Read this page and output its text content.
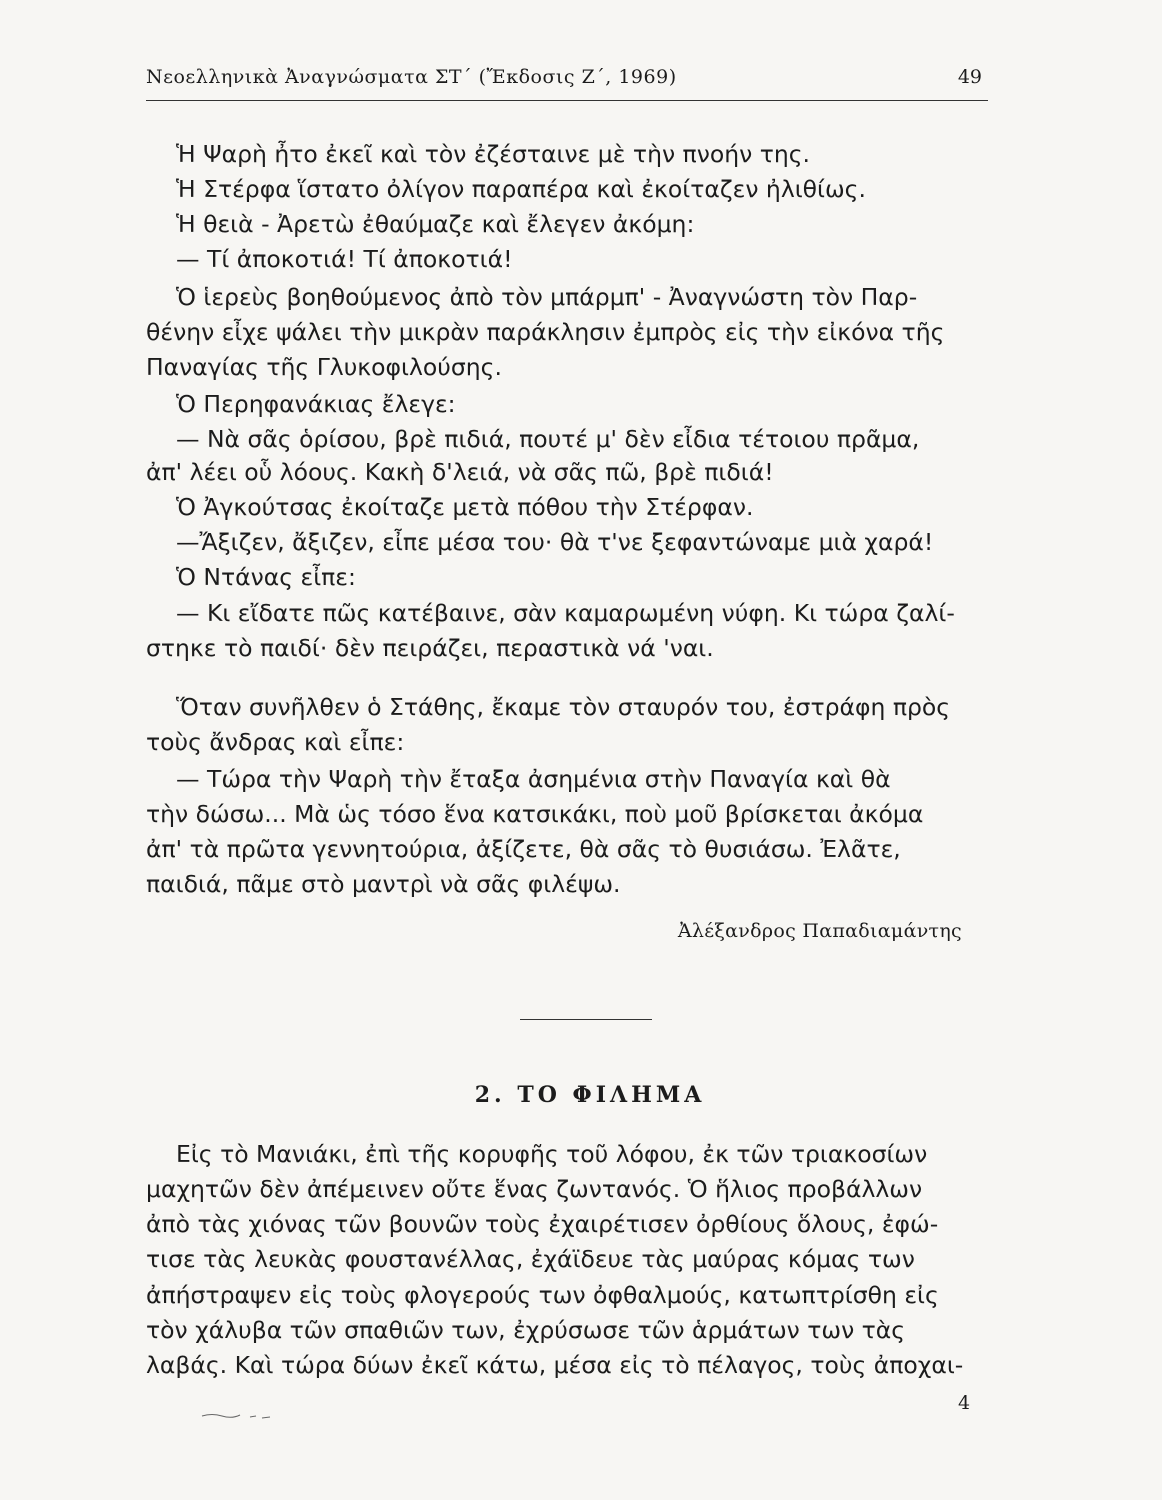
Νεοελληνικὰ Ἀναγνώσματα ΣΤ΄ (Ἔκδοσις Ζ΄, 1969)	49
Ἡ Ψαρὴ ἦτο ἐκεῖ καὶ τὸν ἐζέσταινε μὲ τὴν πνοήν της.
Ἡ Στέρφα ἵστατο ὀλίγον παραπέρα καὶ ἐκοίταζεν ἠλιθίως.
Ἡ θειὰ - Ἀρετὼ ἐθαύμαζε καὶ ἔλεγεν ἀκόμη:
— Τί ἀποκοτιά! Τί ἀποκοτιά!
Ὁ ἱερεὺς βοηθούμενος ἀπὸ τὸν μπάρμπ' - Ἀναγνώστη τὸν Παρ-
θένην εἶχε ψάλει τὴν μικρὰν παράκλησιν ἐμπρὸς εἰς τὴν εἰκόνα τῆς
Παναγίας τῆς Γλυκοφιλούσης.
Ὁ Περηφανάκιας ἔλεγε:
— Νὰ σᾶς ὁρίσου, βρὲ πιδιά, πουτέ μ' δὲν εἶδια τέτοιου πρᾶμα,
ἀπ' λέει οὗ λόους. Κακὴ δ'λειά, νὰ σᾶς πῶ, βρὲ πιδιά!
Ὁ Ἀγκούτσας ἐκοίταζε μετὰ πόθου τὴν Στέρφαν.
—Ἄξιζεν, ἄξιζεν, εἶπε μέσα του· θὰ τ'νε ξεφαντώναμε μιὰ χαρά!
Ὁ Ντάνας εἶπε:
— Κι εἴδατε πῶς κατέβαινε, σὰν καμαρωμένη νύφη. Κι τώρα ζαλί-
στηκε τὸ παιδί· δὲν πειράζει, περαστικὰ νά 'ναι.
Ὅταν συνῆλθεν ὁ Στάθης, ἔκαμε τὸν σταυρόν του, ἐστράφη πρὸς
τοὺς ἄνδρας καὶ εἶπε:
— Τώρα τὴν Ψαρὴ τὴν ἔταξα ἀσημένια στὴν Παναγία καὶ θὰ
τὴν δώσω... Μὰ ὡς τόσο ἕνα κατσικάκι, ποὺ μοῦ βρίσκεται ἀκόμα
ἀπ' τὰ πρῶτα γεννητούρια, ἀξίζετε, θὰ σᾶς τὸ θυσιάσω. Ἐλᾶτε,
παιδιά, πᾶμε στὸ μαντρὶ νὰ σᾶς φιλέψω.
Ἀλέξανδρος Παπαδιαμάντης
2. ΤΟ ΦΙΛΗΜΑ
Εἰς τὸ Μανιάκι, ἐπὶ τῆς κορυφῆς τοῦ λόφου, ἐκ τῶν τριακοσίων
μαχητῶν δὲν ἀπέμεινεν οὔτε ἕνας ζωντανός. Ὁ ἥλιος προβάλλων
ἀπὸ τὰς χιόνας τῶν βουνῶν τοὺς ἐχαιρέτισεν ὀρθίους ὅλους, ἐφώ-
τισε τὰς λευκὰς φουστανέλλας, ἐχάϊδευε τὰς μαύρας κόμας των
ἀπήστραψεν εἰς τοὺς φλογερούς των ὀφθαλμούς, κατωπτρίσθη εἰς
τὸν χάλυβα τῶν σπαθιῶν των, ἐχρύσωσε τῶν ἁρμάτων των τὰς
λαβάς. Καὶ τώρα δύων ἐκεῖ κάτω, μέσα εἰς τὸ πέλαγος, τοὺς ἀποχαι-
4
